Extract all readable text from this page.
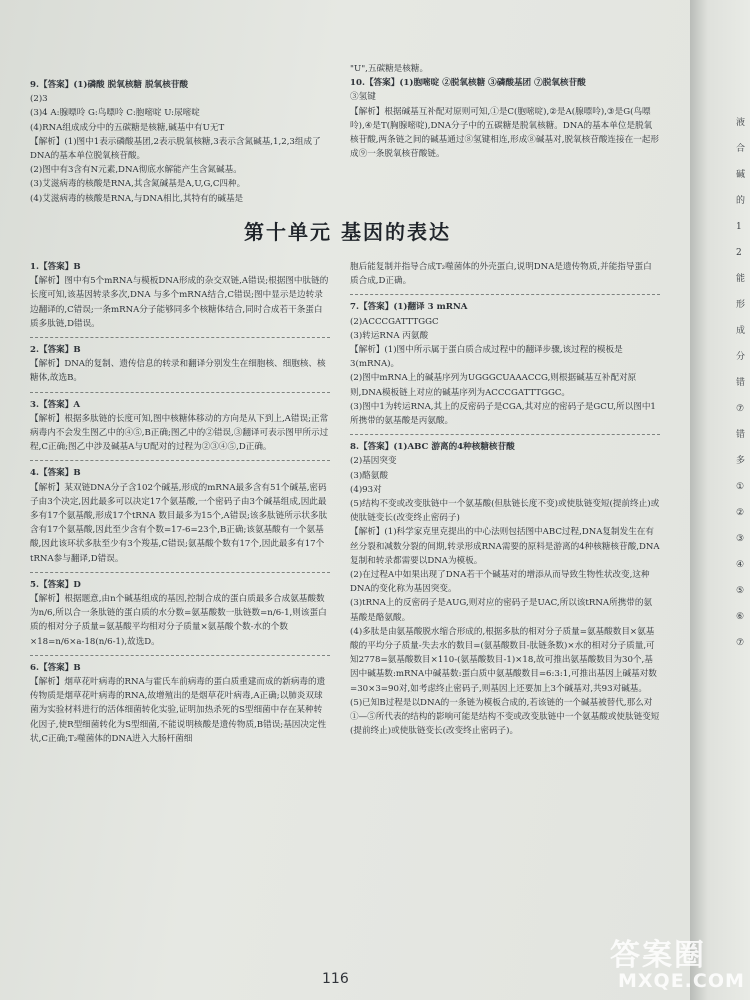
9.【答案】(1)磷酸 脱氧核糖 脱氧核苷酸

(2)3

(3)4 A:腺嘌呤 G:鸟嘌呤 C:胞嘧啶 U:尿嘧啶

(4)RNA组成成分中的五碳糖是核糖,碱基中有U无T

【解析】(1)图中1表示磷酸基团,2表示脱氧核糖,3表示含氮碱基,1,2,3组成了DNA的基本单位脱氧核苷酸。

(2)图中有3含有N元素,DNA彻底水解能产生含氮碱基。

(3)艾滋病毒的核酸是RNA,其含氮碱基是A,U,G,C四种。

(4)艾滋病毒的核酸是RNA,与DNA相比,其特有的碱基是

"U",五碳糖是核糖。

10.【答案】(1)胞嘧啶 ②脱氧核糖 ③磷酸基团 ⑦脱氧核苷酸

③氢键

【解析】根据碱基互补配对原则可知,①是C(胞嘧啶),②是A(腺嘌呤),③是G(鸟嘌呤),④是T(胸腺嘧啶),DNA分子中的五碳糖是脱氧核糖。DNA的基本单位是脱氧核苷酸,两条链之间的碱基通过⑧氢键相连,形成⑧碱基对,脱氧核苷酸连接在一起形成⑨一条脱氧核苷酸链。

第十单元 基因的表达

1.【答案】B

【解析】图中有5个mRNA与模板DNA形成的杂交双链,A错误;根据图中肽链的长度可知,该基因转录多次,DNA 与多个mRNA结合,C错误;图中显示是边转录边翻译的,C错误;一条mRNA分子能够同多个核糖体结合,同时合成若干条蛋白质多肽链,D错误。

2.【答案】B

【解析】DNA的复制、遗传信息的转录和翻译分别发生在细胞核、细胞核、核糖体,故选B。

3.【答案】A

【解析】根据多肽链的长度可知,图中核糖体移动的方向是从下到上,A错误;正常病毒内不会发生图乙中的④⑤,B正确;图乙中的②错误,③翻译可表示图甲所示过程,C正确;图乙中涉及碱基A与U配对的过程为②③④⑤,D正确。

4.【答案】B

【解析】某双链DNA分子含102个碱基,形成的mRNA最多含有51个碱基,密码子由3个决定,因此最多可以决定17个氨基酸,一个密码子由3个碱基组成,因此最多有17个氨基酸,形成17个tRNA 数目最多为15个,A错误;该多肽链所示状多肽含有17个氨基酸,因此至少含有个数=17-6=23个,B正确;该氨基酸有一个氨基酸,因此该环状多肽至少有3个羧基,C错误;氨基酸个数有17个,因此最多有17个tRNA参与翻译,D错误。

5.【答案】D

【解析】根据题意,由n个碱基组成的基因,控制合成的蛋白质最多合成氨基酸数为n/6,所以合一条肽链的蛋白质的水分数=氨基酸数一肽链数=n/6-1,则该蛋白质的相对分子质量=氨基酸平均相对分子质量×氨基酸个数-水的个数×18=n/6×a-18(n/6-1),故选D。

6.【答案】B

【解析】烟草花叶病毒的RNA与霍氏车前病毒的蛋白质重建而成的新病毒的遗传物质是烟草花叶病毒的RNA,故增殖出的是烟草花叶病毒,A正确;以肺炎双球菌为实验材料进行的活体细菌转化实验,证明加热杀死的S型细菌中存在某种转化因子,使R型细菌转化为S型细菌,不能说明核酸是遗传物质,B错误;基因决定性状,C正确;T₂噬菌体的DNA进入大肠杆菌细

胞后能复制并指导合成T₂噬菌体的外壳蛋白,说明DNA是遗传物质,并能指导蛋白质合成,D正确。

7.【答案】(1)翻译 3 mRNA

(2)ACCCGATTTGGC

(3)转运RNA 丙氨酸

【解析】(1)图中所示属于蛋白质合成过程中的翻译步骤,该过程的模板是3(mRNA)。

(2)图中mRNA上的碱基序列为UGGGCUAAACCG,则根据碱基互补配对原则,DNA模板链上对应的碱基序列为ACCCGATTTGGC。

(3)图中1为转运RNA,其上的反密码子是CGA,其对应的密码子是GCU,所以图中1所携带的氨基酸是丙氨酸。

8.【答案】(1)ABC 游离的4种核糖核苷酸

(2)基因突变

(3)酪氨酸

(4)93对

(5)结构不变或改变肽链中一个氨基酸(但肽链长度不变)或使肽链变短(提前终止)或使肽链变长(改变终止密码子)

【解析】(1)科学家克里克提出的中心法则包括图中ABC过程,DNA复制发生在有丝分裂和减数分裂的间期,转录形成RNA需要的原料是游离的4种核糖核苷酸,DNA复制和转录都需要以DNA为模板。

(2)在过程A中如果出现了DNA若干个碱基对的增添从而导致生物性状改变,这种DNA的变化称为基因突变。

(3)tRNA上的反密码子是AUG,则对应的密码子是UAC,所以该tRNA所携带的氨基酸是酪氨酸。

(4)多肽是由氨基酸脱水缩合形成的,根据多肽的相对分子质量=氨基酸数目×氨基酸的平均分子质量-失去水的数目=(氨基酸数目-肽链条数)×水的相对分子质量,可知2778=氨基酸数目×110-(氨基酸数目-1)×18,故可推出氨基酸数目为30个,基因中碱基数:mRNA中碱基数:蛋白质中氨基酸数目=6:3:1,可推出基因上碱基对数=30×3=90对,如考虑终止密码子,则基因上还要加上3个碱基对,共93对碱基。

(5)已知B过程是以DNA的一条链为模板合成的,若该链的一个碱基被替代,那么对①—⑤所代表的结构的影响可能是结构不变或改变肽链中一个氨基酸或使肽链变短(提前终止)或使肽链变长(改变终止密码子)。

液
合
碱
的
1
2
能
形
成
分
错
⑦
错
多
①
②
③
④
⑤
⑥
⑦
116
答案圈
MXQE.COM
